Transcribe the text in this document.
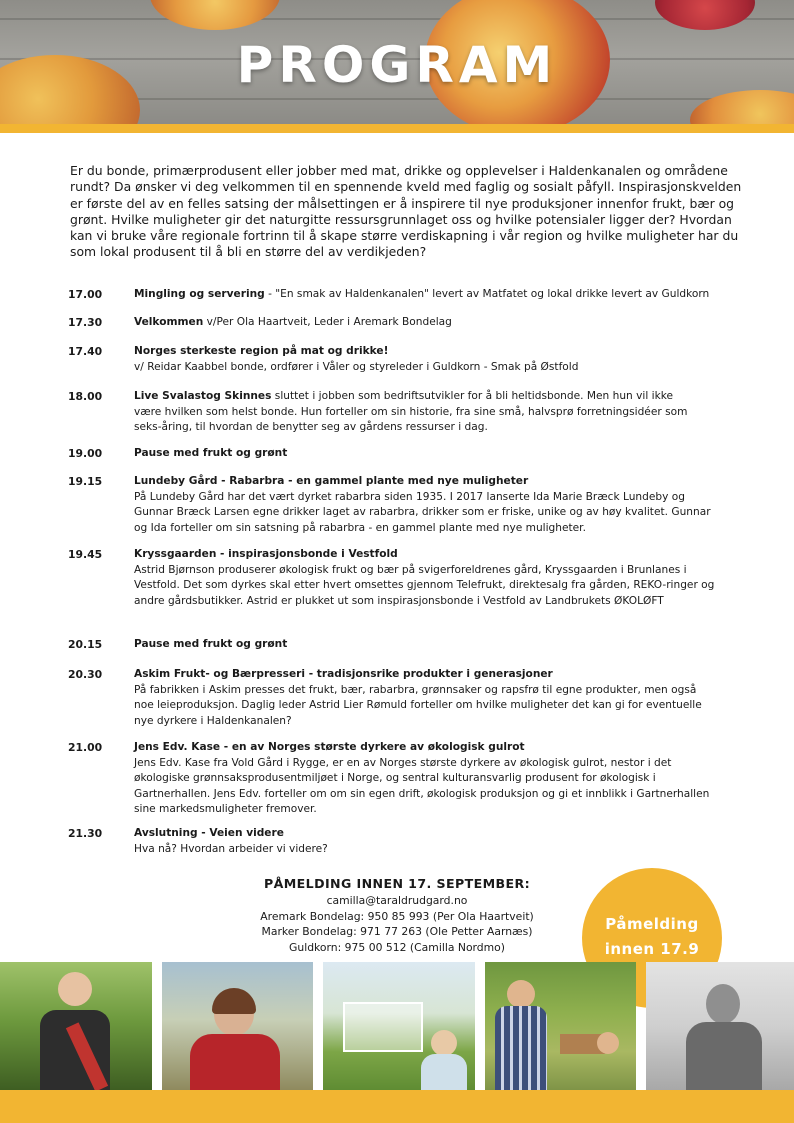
PROGRAM
Er du bonde, primærprodusent eller jobber med mat, drikke og opplevelser i Haldenkanalen og områdene rundt? Da ønsker vi deg velkommen til en spennende kveld med faglig og sosialt påfyll. Inspirasjonskvelden er første del av en felles satsing der målsettingen er å inspirere til nye produksjoner innenfor frukt, bær og grønt. Hvilke muligheter gir det naturgitte ressursgrunnlaget oss og hvilke potensialer ligger der? Hvordan kan vi bruke våre regionale fortrinn til å skape større verdiskapning i vår region og hvilke muligheter har du som lokal produsent til å bli en større del av verdikjeden?
17.00	Mingling og servering - "En smak av Haldenkanalen" levert av Matfatet og lokal drikke levert av Guldkorn
17.30	Velkommen v/Per Ola Haartveit, Leder i Aremark Bondelag
17.40	Norges sterkeste region på mat og drikke!
v/ Reidar Kaabbel bonde, ordfører i Våler og styreleder i Guldkorn - Smak på Østfold
18.00	Live Svalastog Skinnes sluttet i jobben som bedriftsutvikler for å bli heltidsbonde. Men hun vil ikke være hvilken som helst bonde. Hun forteller om sin historie, fra sine små, halvsprø forretningsidéer som seks-åring, til hvordan de benytter seg av gårdens ressurser i dag.
19.00	Pause med frukt og grønt
19.15	Lundeby Gård - Rabarbra - en gammel plante med nye muligheter
På Lundeby Gård har det vært dyrket rabarbra siden 1935. I 2017 lanserte Ida Marie Bræck Lundeby og Gunnar Bræck Larsen egne drikker laget av rabarbra, drikker som er friske, unike og av høy kvalitet. Gunnar og Ida forteller om sin satsning på rabarbra - en gammel plante med nye muligheter.
19.45	Kryssgaarden - inspirasjonsbonde i Vestfold
Astrid Bjørnson produserer økologisk frukt og bær på svigerforeldrenes gård, Kryssgaarden i Brunlanes i Vestfold. Det som dyrkes skal etter hvert omsettes gjennom Telefrukt, direktesalg fra gården, REKO-ringer og andre gårdsbutikker. Astrid er plukket ut som inspirasjonsbonde i Vestfold av Landbrukets ØKOLØFT
20.15	Pause med frukt og grønt
20.30	Askim Frukt- og Bærpresseri - tradisjonsrike produkter i generasjoner
På fabrikken i Askim presses det frukt, bær, rabarbra, grønnsaker og rapsfrø til egne produkter, men også noe leieproduksjon. Daglig leder Astrid Lier Rømuld forteller om hvilke muligheter det kan gi for eventuelle nye dyrkere i Haldenkanalen?
21.00	Jens Edv. Kase - en av Norges største dyrkere av økologisk gulrot
Jens Edv. Kase fra Vold Gård i Rygge, er en av Norges største dyrkere av økologisk gulrot, nestor i det økologiske grønnsaksprodusentmiljøet i Norge, og sentral kulturansvarlig produsent for økologisk i Gartnerhallen. Jens Edv. forteller om om sin egen drift, økologisk produksjon og gi et innblikk i Gartnerhallen sine markedsmuligheter fremover.
21.30	Avslutning - Veien videre
Hva nå? Hvordan arbeider vi videre?
PÅMELDING INNEN 17. SEPTEMBER:
camilla@taraldrudgard.no
Aremark Bondelag: 950 85 993 (Per Ola Haartveit)
Marker Bondelag: 971 77 263 (Ole Petter Aarnæs)
Guldkorn: 975 00 512 (Camilla Nordmo)
Påmelding
innen 17.9
